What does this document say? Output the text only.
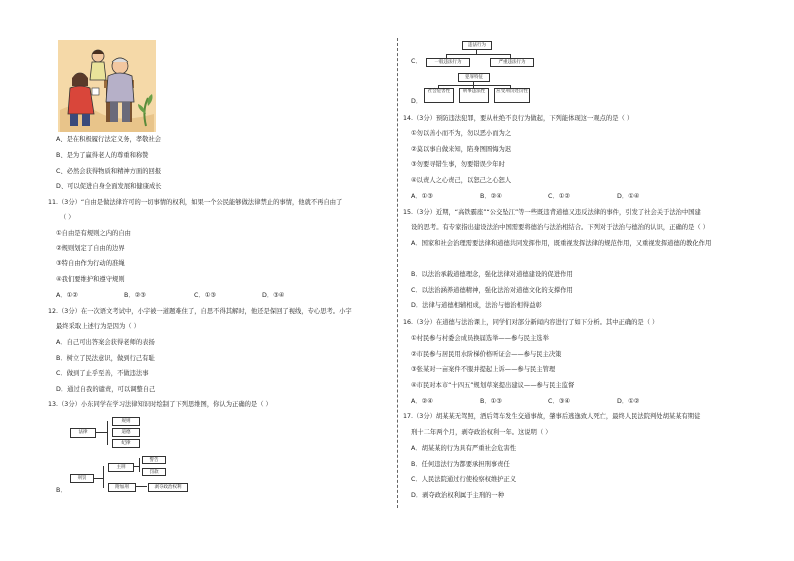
A、是在积极履行法定义务，孝敬社会
B、是为了赢得老人的尊重和称赞
C、必然会获得物质和精神方面的回报
D、可以促进自身全面发展和健康成长
11.（3分）“自由是做法律许可的一切事情的权利，如果一个公民能够做法律禁止的事情，他就不再自由了
（ ）
①自由是有规则之内的自由
②规则划定了自由的边界
③特自由作为行动的准绳
④我们要维护和遵守规则
A．①②	B．②③	C．①③	D．③④
12.（3分）在一次语文考试中，小宇被一道题难住了，自思不得其解时，他还是保回了视线，专心思考。小宇
最终采取上述行为是因为（ ）
A．自己可出答案会获得老师的表扬
B．树立了民法意识，做到行己有耻
C．做到了止乎至善，不做违法事
D．通过自我的谴责，可以调整自己
13.（3分）小东同学在学习法律知识时绘制了下列思维图，你认为正确的是（ ）
法律
规则
道德
纪律
B．
刑罚
主刑
附加刑
警告
罚款
剥夺政治权利
C．
违法行为
一般违法行为	严重违法行为
D．
犯罪特征
社会危害性	刑事违法性	应受刑罚处罚性
14.（3分）预防违法犯罪，要从杜绝不良行为做起，下列能体现这一观点的是（ ）
①勿以善小而不为，勿以恶小而为之
②莫以事自做来知，陷身图圄悔为迟
③勿要寻错生事，勿要错误少年时
④以责人之心责己，以恕己之心恕人
A．①③	B．②④	C．①②	D．①④
15.（3分）近期，“高铁霸座”“公交坠江”等一些既违背道德又违反法律的事件，引发了社会关于法治中国建
设的思考。有专家指出建设法治中国需要将德治与法治相结合。下列对于法治与德治的认识，正确的是（ ）
A．国家和社会治理需要法律和道德共同发挥作用，既重视发挥法律的规范作用，又重视发挥道德的教化作用
B．以法治承载道德理念，强化法律对道德建设的促进作用
C．以法治涵养道德精神，强化法治对道德文化的支撑作用
D．法律与道德相辅相成，法治与德治相得益彰
16.（3分）在道德与法治课上，同学们对部分新闻内容进行了如下分析。其中正确的是（ ）
①村民参与村委会成员换届选举——参与民主选举
②市民参与居民用水阶梯价格听证会——参与民主决策
③张某对一亩案件不服并提起上诉——参与民主管理
④市民对本市“十四五”规划草案提出建议——参与民主监督
A．②④	B．①③	C．③④	D．①②
17.（3分）胡某某无驾照，酒后驾车发生交通事故，肇事后逃逸致人死亡，最终人民法院判处胡某某有期徒
刑十二年两个月，剥夺政治权利一年。这说明（ ）
A．胡某某的行为具有严重社会危害性
B．任何违法行为都要承担刑事责任
C．人民法院通过行使检察权维护正义
D．剥夺政治权利属于主刑的一种
